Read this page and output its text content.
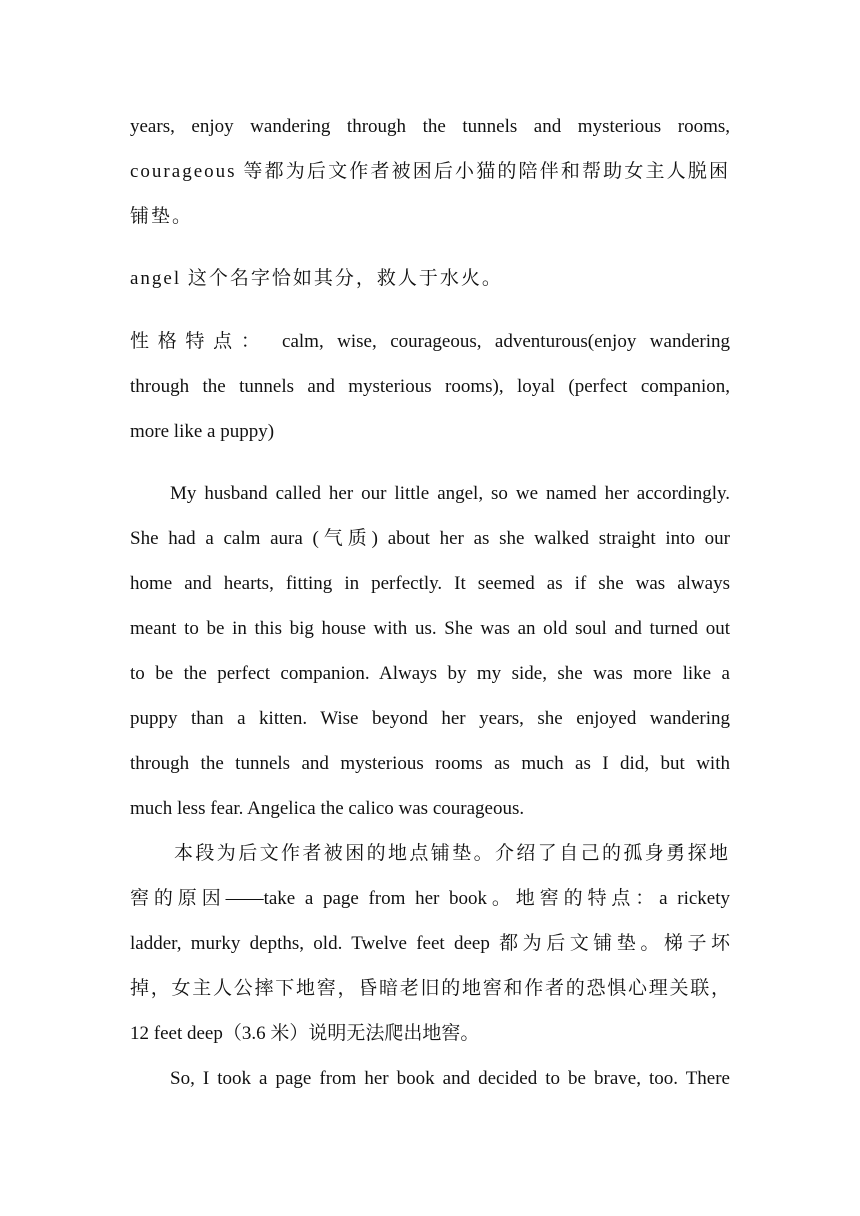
years, enjoy wandering through the tunnels and mysterious rooms,
courageous 等都为后文作者被困后小猫的陪伴和帮助女主人脱困
铺垫。
angel 这个名字恰如其分，救人于水火。
性格特点： calm, wise, courageous, adventurous(enjoy wandering
through the tunnels and mysterious rooms), loyal (perfect companion,
more like a puppy)
My husband called her our little angel, so we named her accordingly.
She had a calm aura (气质) about her as she walked straight into our
home and hearts, fitting in perfectly. It seemed as if she was always
meant to be in this big house with us. She was an old soul and turned out
to be the perfect companion. Always by my side, she was more like a
puppy than a kitten. Wise beyond her years, she enjoyed wandering
through the tunnels and mysterious rooms as much as I did, but with
much less fear. Angelica the calico was courageous.
本段为后文作者被困的地点铺垫。介绍了自己的孤身勇探地
窖的原因——take a page from her book。地窖的特点：a rickety
ladder, murky depths, old. Twelve feet deep 都为后文铺垫。梯子坏
掉，女主人公摔下地窖，昏暗老旧的地窖和作者的恐惧心理关联，
12 feet deep（3.6 米）说明无法爬出地窖。
So, I took a page from her book and decided to be brave, too. There
